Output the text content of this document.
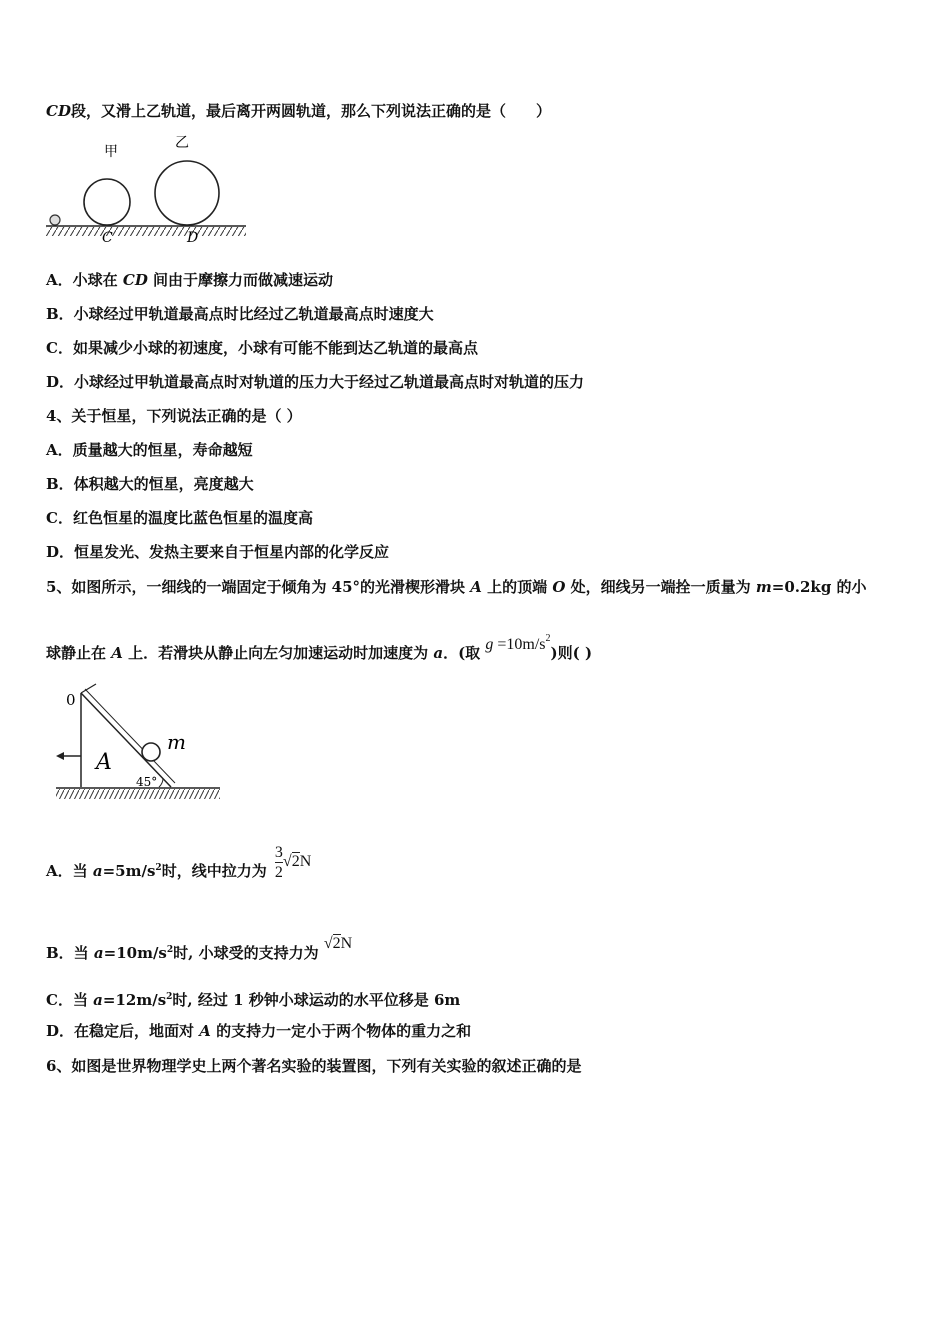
CD段，又滑上乙轨道，最后离开两圆轨道，那么下列说法正确的是（　　）
甲
乙
C	D
A．小球在 CD 间由于摩擦力而做减速运动
B．小球经过甲轨道最高点时比经过乙轨道最高点时速度大
C．如果减少小球的初速度，小球有可能不能到达乙轨道的最高点
D．小球经过甲轨道最高点时对轨道的压力大于经过乙轨道最高点时对轨道的压力
4、关于恒星，下列说法正确的是（ ）
A．质量越大的恒星，寿命越短
B．体积越大的恒星，亮度越大
C．红色恒星的温度比蓝色恒星的温度高
D．恒星发光、发热主要来自于恒星内部的化学反应
5、如图所示，一细线的一端固定于倾角为 45°的光滑楔形滑块 A 上的顶端 O 处，细线另一端拴一质量为 m=0.2kg 的小
球静止在 A 上．若滑块从静止向左匀加速运动时加速度为 a．(取 $g =10m/s^2$)则( )
0
A
m
45°
A．当 $a=5m/s^2$时，线中拉力为 $\frac{3}{2} √2N$
B．当 $a=10m/s^2$时, 小球受的支持力为 √2N
C．当 $a=12m/s^2$时, 经过 1 秒钟小球运动的水平位移是 6m
D．在稳定后，地面对 A 的支持力一定小于两个物体的重力之和
6、如图是世界物理学史上两个著名实验的装置图，下列有关实验的叙述正确的是
